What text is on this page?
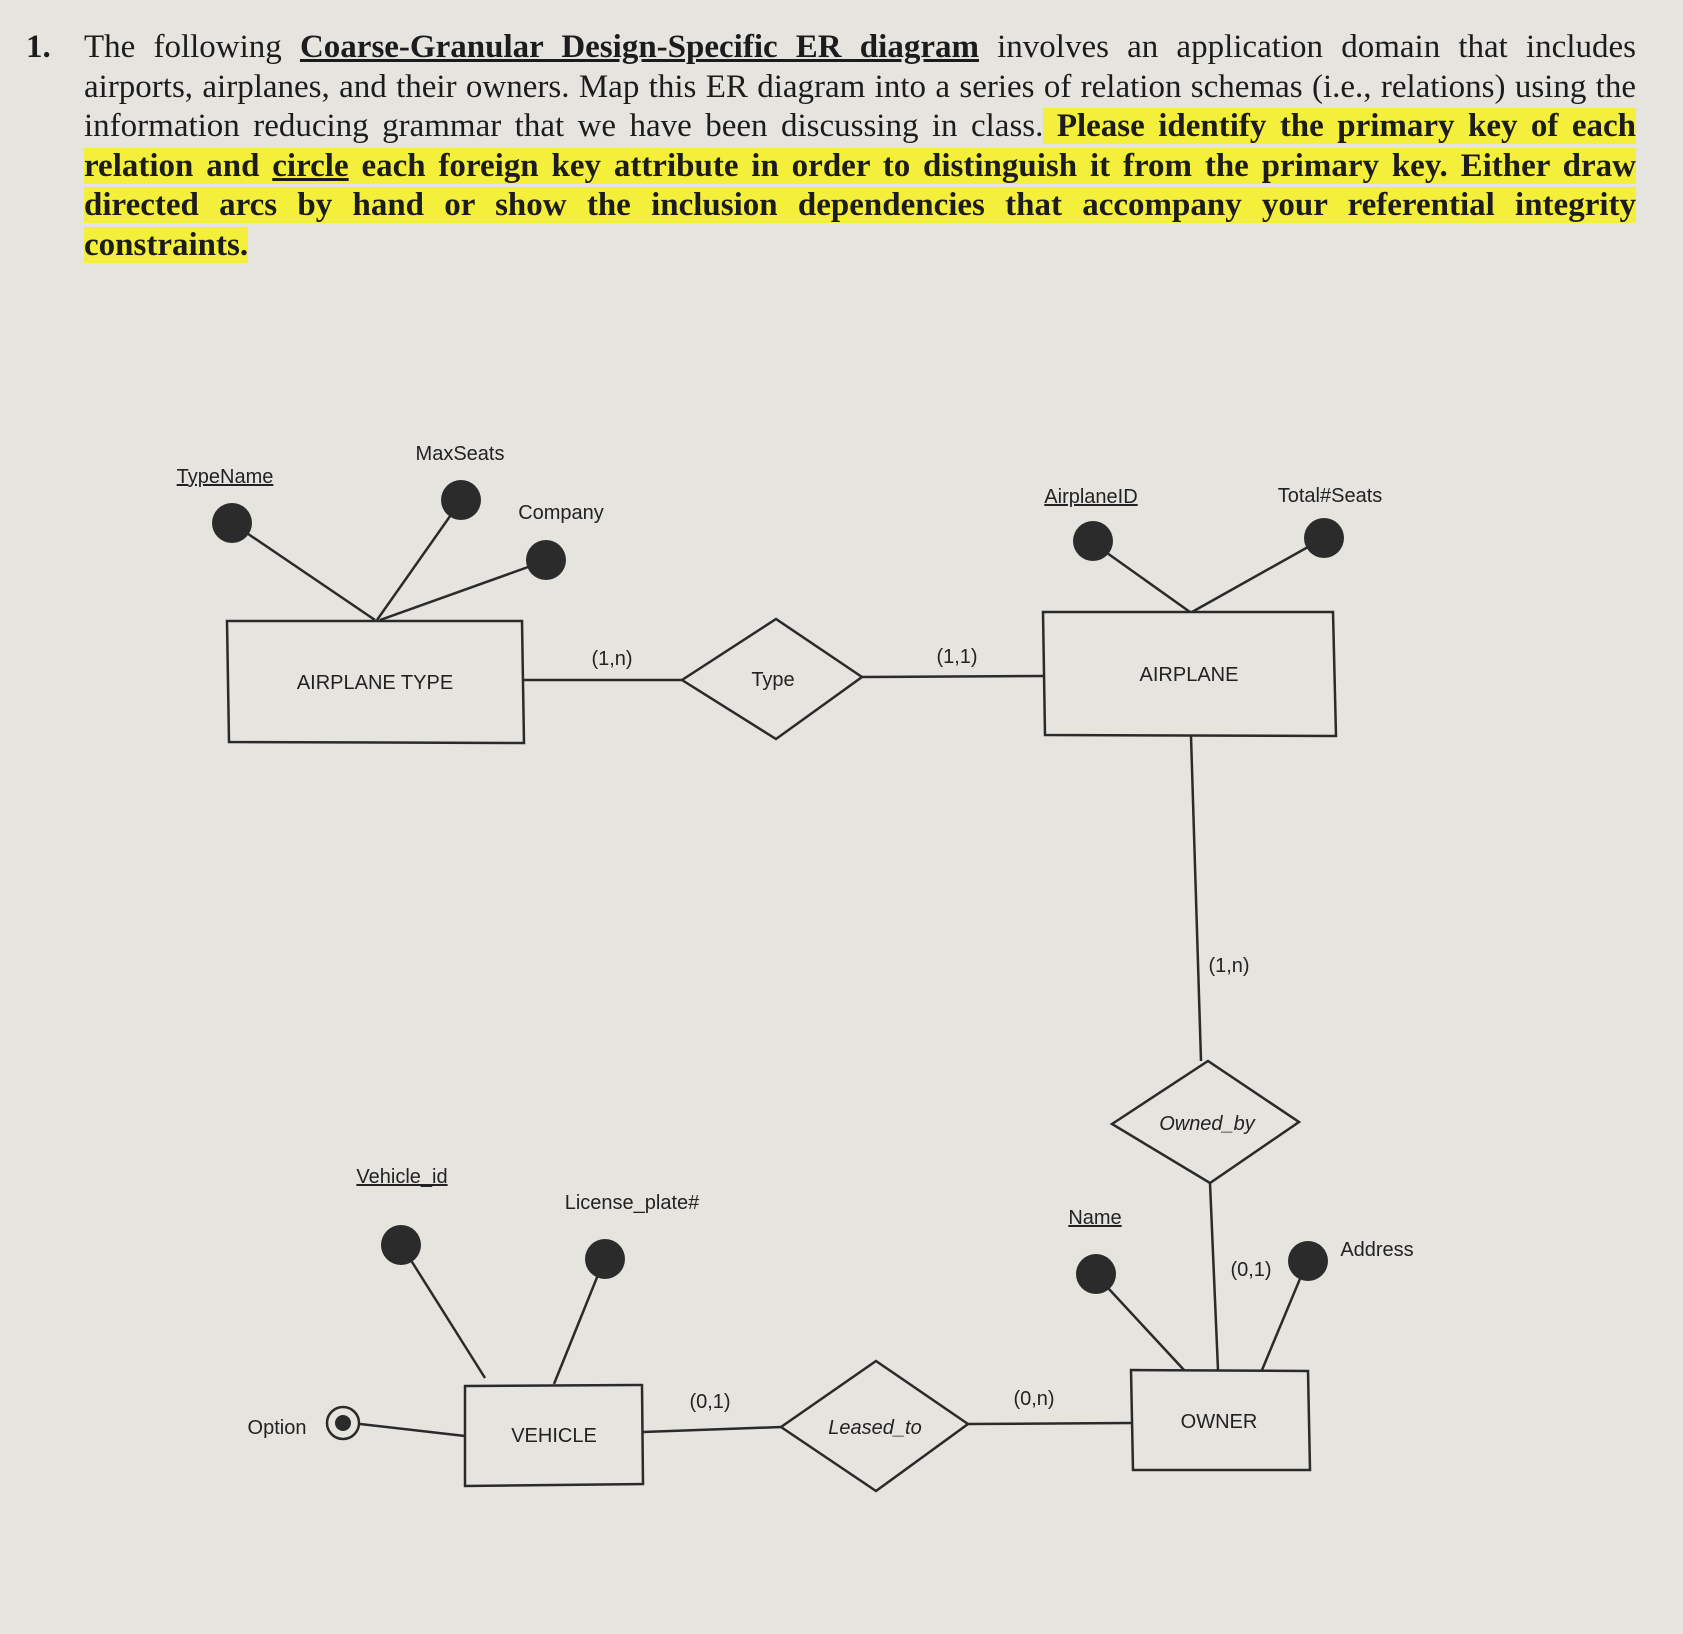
1. The following Coarse-Granular Design-Specific ER diagram involves an application domain that includes airports, airplanes, and their owners. Map this ER diagram into a series of relation schemas (i.e., relations) using the information reducing grammar that we have been discussing in class. Please identify the primary key of each relation and circle each foreign key attribute in order to distinguish it from the primary key. Either draw directed arcs by hand or show the inclusion dependencies that accompany your referential integrity constraints.
AIRPLANE TYPE	AIRPLANE
VEHICLE
OWNER
Type
Owned_by
Leased_to
TypeName
MaxSeats
Company
AirplaneID	Total#Seats
Vehicle_id
License_plate#
Option
Name
Address
(1,n)	(1,1)
(1,n)
(0,1)
(0,1)	(0,n)
